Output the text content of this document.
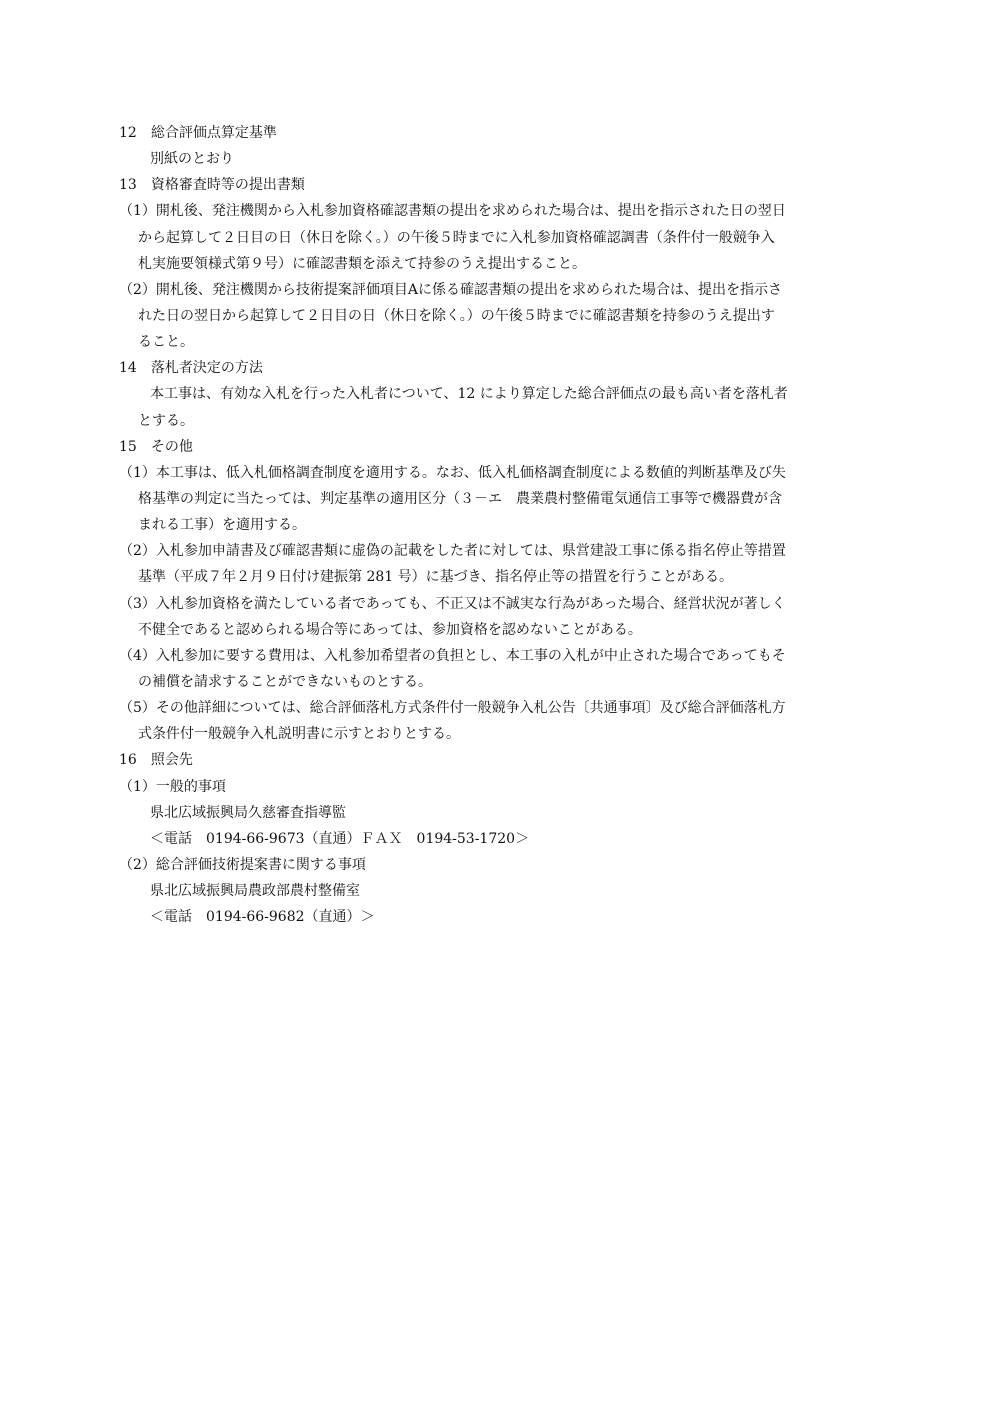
12　総合評価点算定基準
別紙のとおり
13　資格審査時等の提出書類
（1）開札後、発注機関から入札参加資格確認書類の提出を求められた場合は、提出を指示された日の翌日
から起算して２日目の日（休日を除く。）の午後５時までに入札参加資格確認調書（条件付一般競争入
札実施要領様式第９号）に確認書類を添えて持参のうえ提出すること。
（2）開札後、発注機関から技術提案評価項目Aに係る確認書類の提出を求められた場合は、提出を指示さ
れた日の翌日から起算して２日目の日（休日を除く。）の午後５時までに確認書類を持参のうえ提出す
ること。
14　落札者決定の方法
本工事は、有効な入札を行った入札者について、12 により算定した総合評価点の最も高い者を落札者
とする。
15　その他
（1）本工事は、低入札価格調査制度を適用する。なお、低入札価格調査制度による数値的判断基準及び失
格基準の判定に当たっては、判定基準の適用区分（３－エ　農業農村整備電気通信工事等で機器費が含
まれる工事）を適用する。
（2）入札参加申請書及び確認書類に虚偽の記載をした者に対しては、県営建設工事に係る指名停止等措置
基準（平成７年２月９日付け建振第 281 号）に基づき、指名停止等の措置を行うことがある。
（3）入札参加資格を満たしている者であっても、不正又は不誠実な行為があった場合、経営状況が著しく
不健全であると認められる場合等にあっては、参加資格を認めないことがある。
（4）入札参加に要する費用は、入札参加希望者の負担とし、本工事の入札が中止された場合であってもそ
の補償を請求することができないものとする。
（5）その他詳細については、総合評価落札方式条件付一般競争入札公告〔共通事項〕及び総合評価落札方
式条件付一般競争入札説明書に示すとおりとする。
16　照会先
（1）一般的事項
県北広域振興局久慈審査指導監
＜電話　0194-66-9673（直通）ＦＡＸ　0194-53-1720＞
（2）総合評価技術提案書に関する事項
県北広域振興局農政部農村整備室
＜電話　0194-66-9682（直通）＞
